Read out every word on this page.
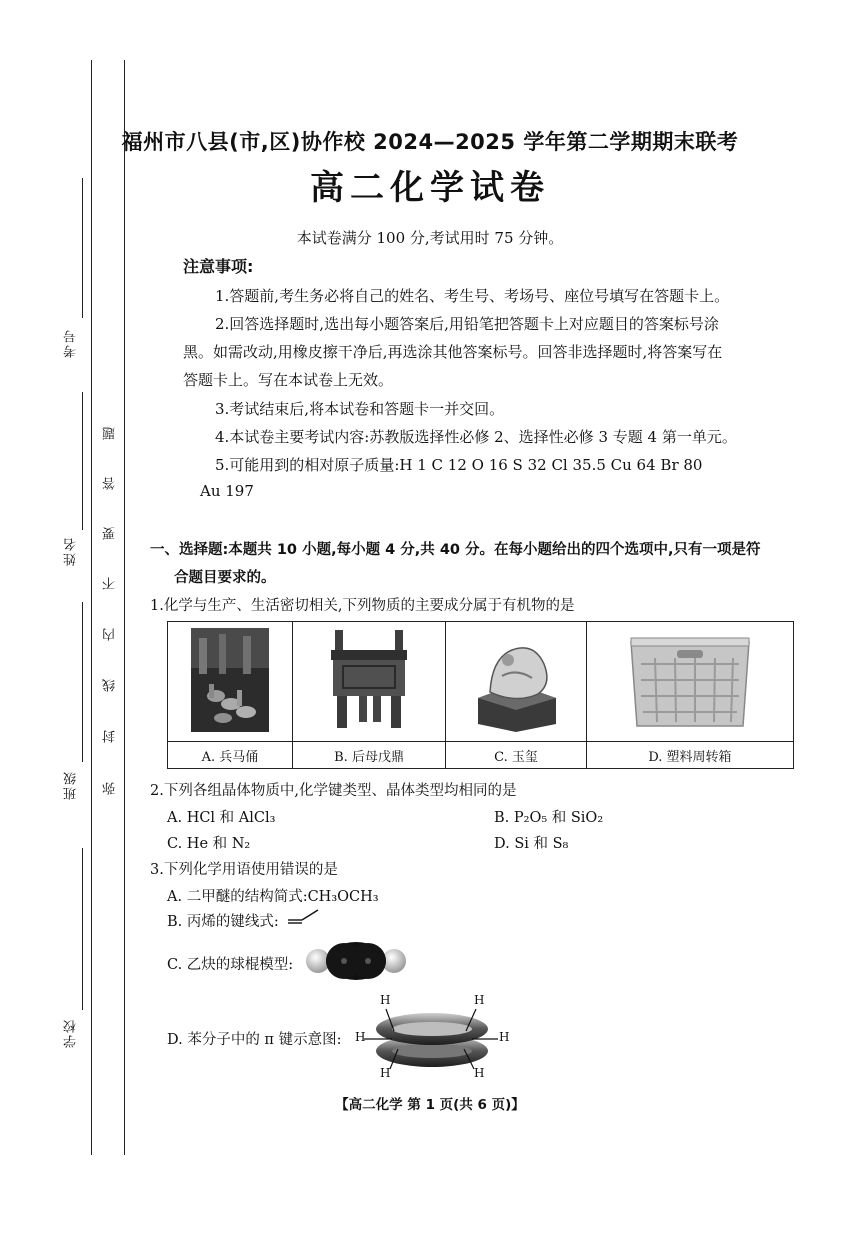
考号
姓名
班级
学校
弥
封
线
内
不
要
答
题
福州市八县(市,区)协作校 2024—2025 学年第二学期期末联考
高二化学试卷
本试卷满分 100 分,考试用时 75 分钟。
注意事项:
1.答题前,考生务必将自己的姓名、考生号、考场号、座位号填写在答题卡上。
2.回答选择题时,选出每小题答案后,用铅笔把答题卡上对应题目的答案标号涂
黑。如需改动,用橡皮擦干净后,再选涂其他答案标号。回答非选择题时,将答案写在
答题卡上。写在本试卷上无效。
3.考试结束后,将本试卷和答题卡一并交回。
4.本试卷主要考试内容:苏教版选择性必修 2、选择性必修 3 专题 4 第一单元。
5.可能用到的相对原子质量:H 1 C 12 O 16 S 32 Cl 35.5 Cu 64 Br 80
Au 197
一、选择题:本题共 10 小题,每小题 4 分,共 40 分。在每小题给出的四个选项中,只有一项是符
合题目要求的。
1.化学与生产、生活密切相关,下列物质的主要成分属于有机物的是

A. 兵马俑	B. 后母戊鼎	C. 玉玺	D. 塑料周转箱
2.下列各组晶体物质中,化学键类型、晶体类型均相同的是
A. HCl 和 AlCl₃	B. P₂O₅ 和 SiO₂
C. He 和 N₂	D. Si 和 S₈
3.下列化学用语使用错误的是
A. 二甲醚的结构简式:CH₃OCH₃
B. 丙烯的键线式:
C. 乙炔的球棍模型:
D. 苯分子中的 π 键示意图:
H	H
H	H
H	H
【高二化学 第 1 页(共 6 页)】
